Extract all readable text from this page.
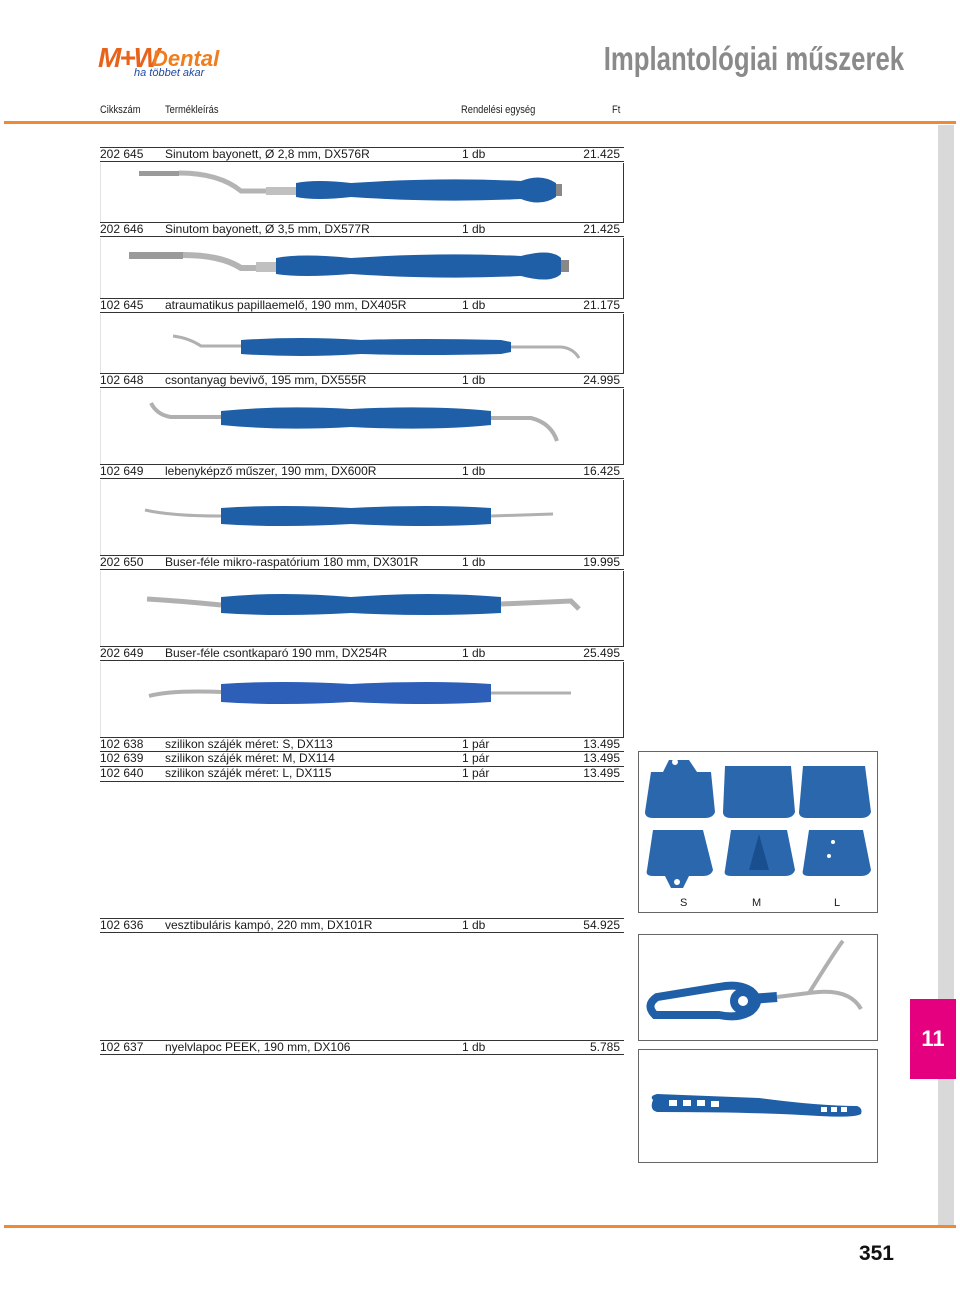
M+W
Dental
ha többet akar	Implantológiai műszerek
Cikkszám Termékleírás	Rendelési egység	Ft
202 645 Sinutom bayonett, Ø 2,8 mm, DX576R	1 db	21.425
202 646 Sinutom bayonett, Ø 3,5 mm, DX577R	1 db	21.425
102 645 atraumatikus papillaemelő, 190 mm, DX405R	1 db	21.175
102 648 csontanyag bevivő, 195 mm, DX555R	1 db	24.995
102 649 lebenyképző műszer, 190 mm, DX600R	1 db	16.425
202 650 Buser-féle mikro-raspatórium 180 mm, DX301R	1 db	19.995
202 649 Buser-féle csontkaparó 190 mm, DX254R	1 db	25.495
102 638 szilikon szájék méret: S, DX113	1 pár	13.495
102 639 szilikon szájék méret: M, DX114	1 pár	13.495
102 640 szilikon szájék méret: L, DX115	1 pár	13.495
S	M	L
102 636 vesztibuláris kampó, 220 mm, DX101R	1 db	54.925
102 637 nyelvlapoc PEEK, 190 mm, DX106	1 db	5.785	11
351
